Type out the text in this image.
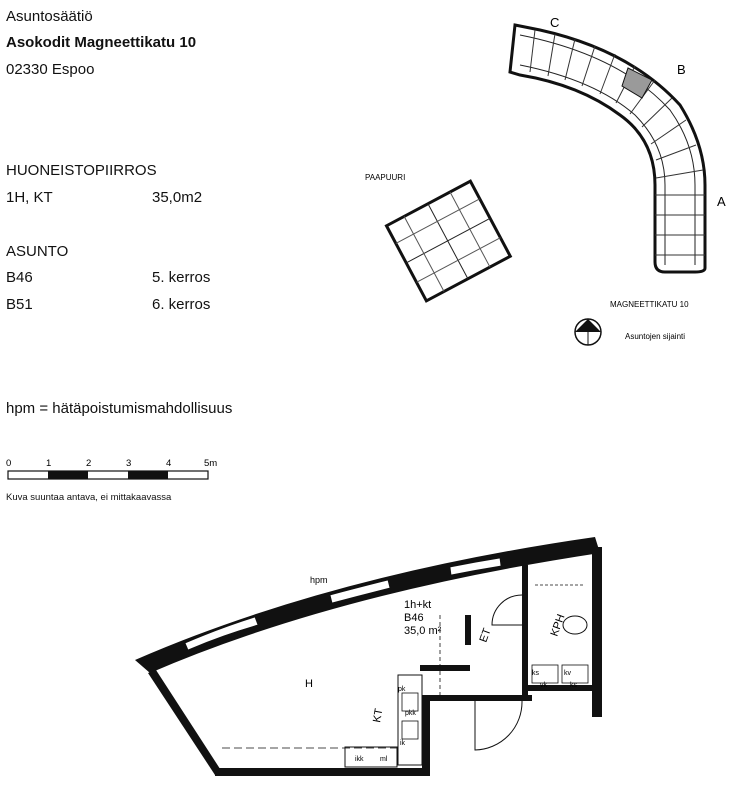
Asuntosäätiö
Asokodit Magneettikatu 10
02330 Espoo
HUONEISTOPIIRROS
1H, KT	35,0m2
ASUNTO
B46	5. kerros
B51	6. kerros
C
B
A
PAAPUURI
MAGNEETTIKATU 10
Asuntojen sijainti
hpm = hätäpoistumismahdollisuus
0	1	2	3	4	5m
Kuva suuntaa antava, ei mittakaavassa
hpm
1h+kt
B46
35,0 m²
H
KT
ET	KPH
ks	kv
pk
ik
ikk ml
vk	ks
pkk
